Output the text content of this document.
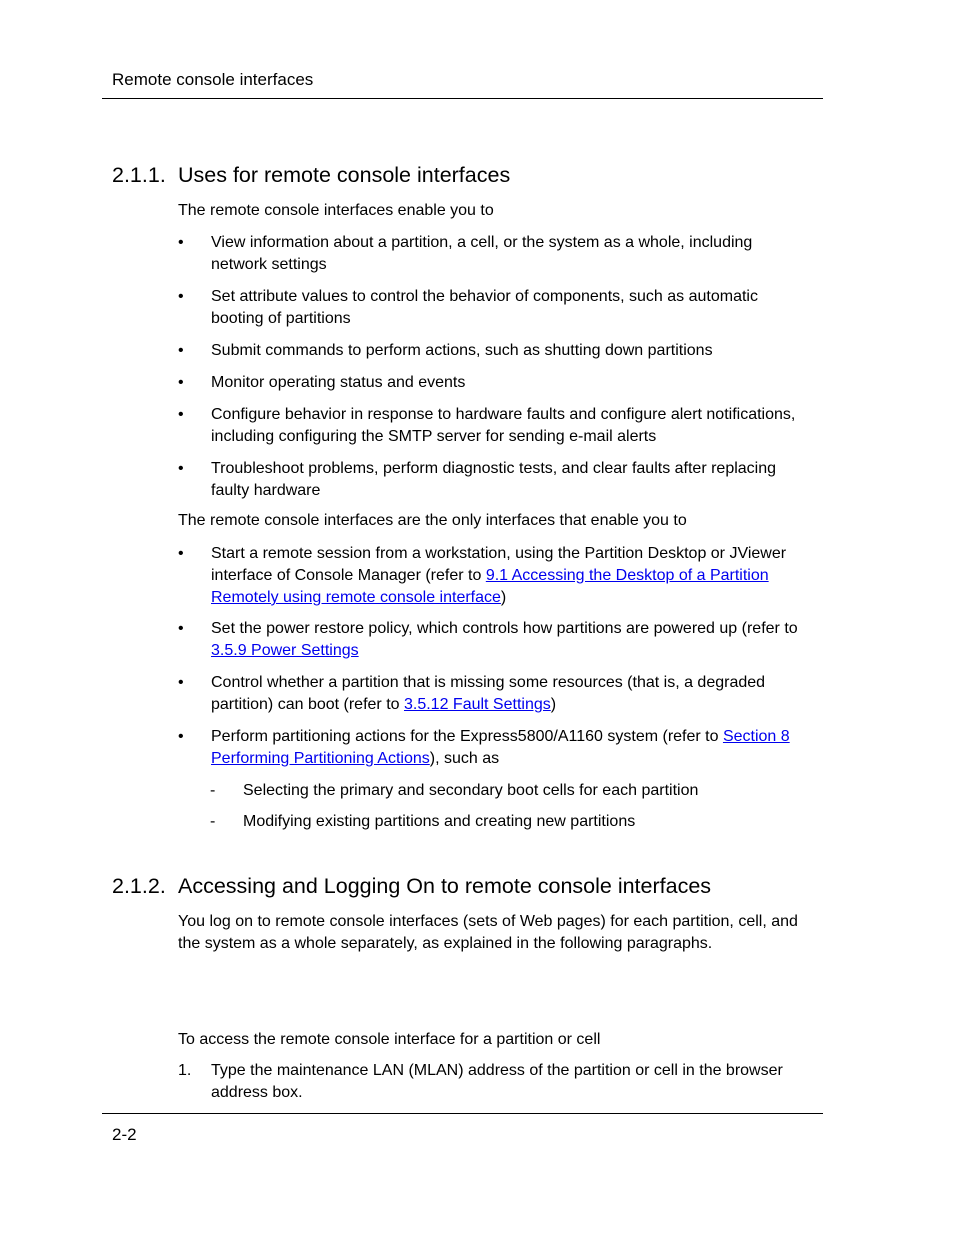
Remote console interfaces
2.1.1. Uses for remote console interfaces
The remote console interfaces enable you to
• View information about a partition, a cell, or the system as a whole, including
network settings
• Set attribute values to control the behavior of components, such as automatic
booting of partitions
• Submit commands to perform actions, such as shutting down partitions
• Monitor operating status and events
• Configure behavior in response to hardware faults and configure alert notifications,
including configuring the SMTP server for sending e-mail alerts
• Troubleshoot problems, perform diagnostic tests, and clear faults after replacing
faulty hardware
The remote console interfaces are the only interfaces that enable you to
• Start a remote session from a workstation, using the Partition Desktop or JViewer
interface of Console Manager (refer to 9.1 Accessing the Desktop of a Partition
Remotely using remote console interface)
• Set the power restore policy, which controls how partitions are powered up (refer to
3.5.9 Power Settings
• Control whether a partition that is missing some resources (that is, a degraded
partition) can boot (refer to 3.5.12 Fault Settings)
• Perform partitioning actions for the Express5800/A1160 system (refer to Section 8
Performing Partitioning Actions), such as
- Selecting the primary and secondary boot cells for each partition
- Modifying existing partitions and creating new partitions
2.1.2. Accessing and Logging On to remote console interfaces
You log on to remote console interfaces (sets of Web pages) for each partition, cell, and
the system as a whole separately, as explained in the following paragraphs.
To access the remote console interface for a partition or cell
1. Type the maintenance LAN (MLAN) address of the partition or cell in the browser
address box.
2-2
